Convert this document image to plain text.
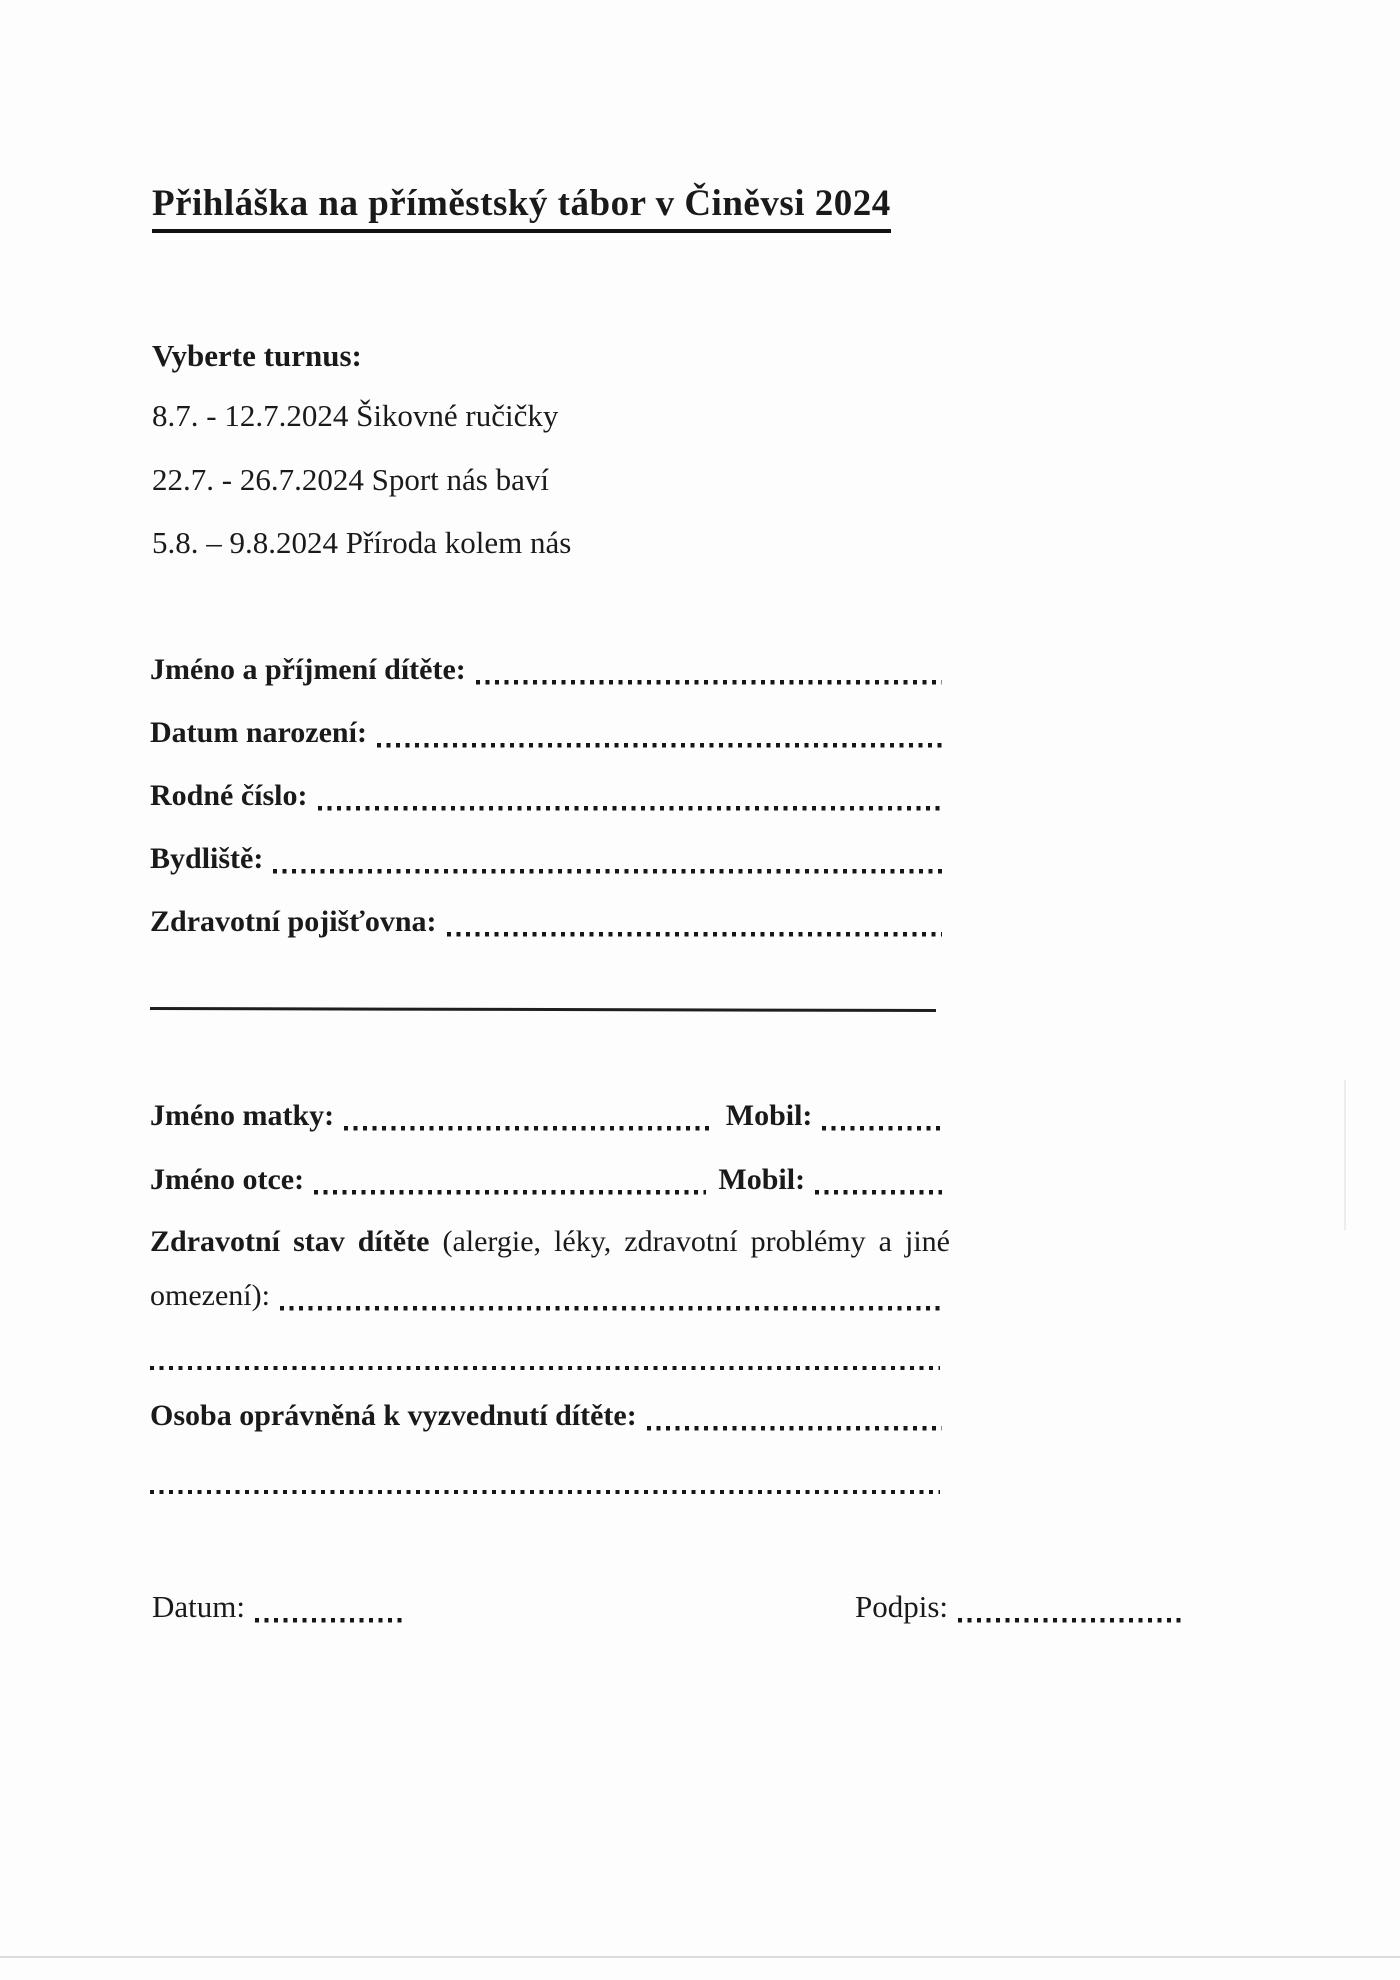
Přihláška na příměstský tábor v Činěvsi 2024
Vyberte turnus:
8.7. - 12.7.2024 Šikovné ručičky
22.7. - 26.7.2024 Sport nás baví
5.8. – 9.8.2024 Příroda kolem nás
Jméno a příjmení dítěte:
Datum narození:
Rodné číslo:
Bydliště:
Zdravotní pojišťovna:
Jméno matky:	Mobil:
Jméno otce:	Mobil:
Zdravotní stav dítěte (alergie, léky, zdravotní problémy a jiné
omezení):
Osoba oprávněná k vyzvednutí dítěte:
Datum:	Podpis:
